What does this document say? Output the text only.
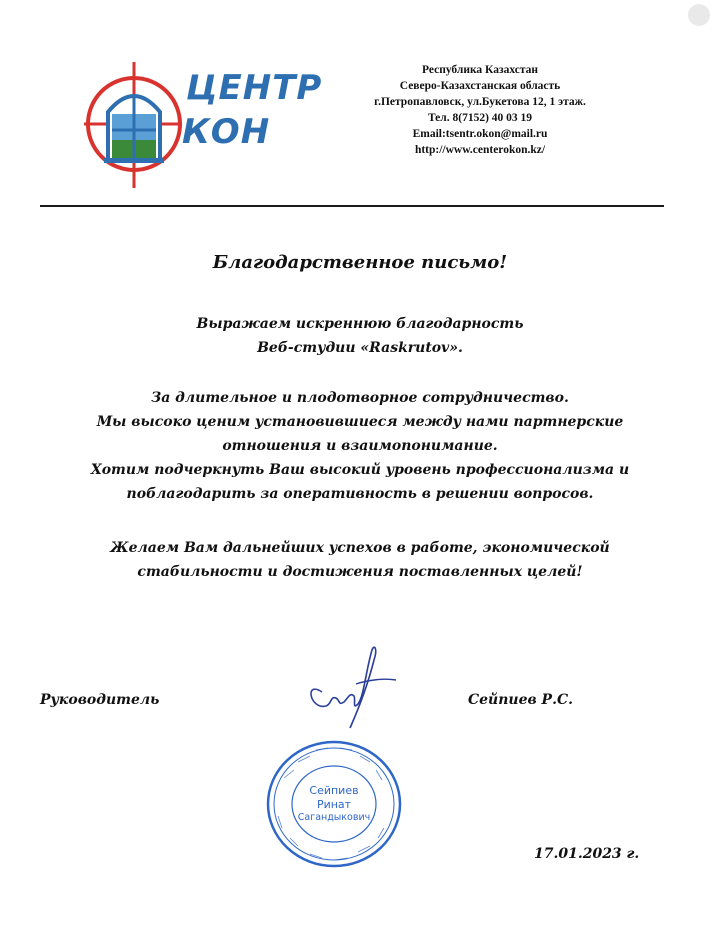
ЦЕНТР
КОН
Республика Казахстан
Северо-Казахстанская область
г.Петропавловск, ул.Букетова 12, 1 этаж.
Тел. 8(7152) 40 03 19
Email:tsentr.okon@mail.ru
http://www.centerokon.kz/
Благодарственное письмо!
Выражаем искреннюю благодарность
Веб-студии «Raskrutov».
За длительное и плодотворное сотрудничество.
Мы высоко ценим установившиеся между нами партнерские
отношения и взаимопонимание.
Хотим подчеркнуть Ваш высокий уровень профессионализма и
поблагодарить за оперативность в решении вопросов.
Желаем Вам дальнейших успехов в работе, экономической
стабильности и достижения поставленных целей!
Руководитель	Сейпиев Р.С.
Сейпиев
Ринат
Сагандыкович
17.01.2023 г.
